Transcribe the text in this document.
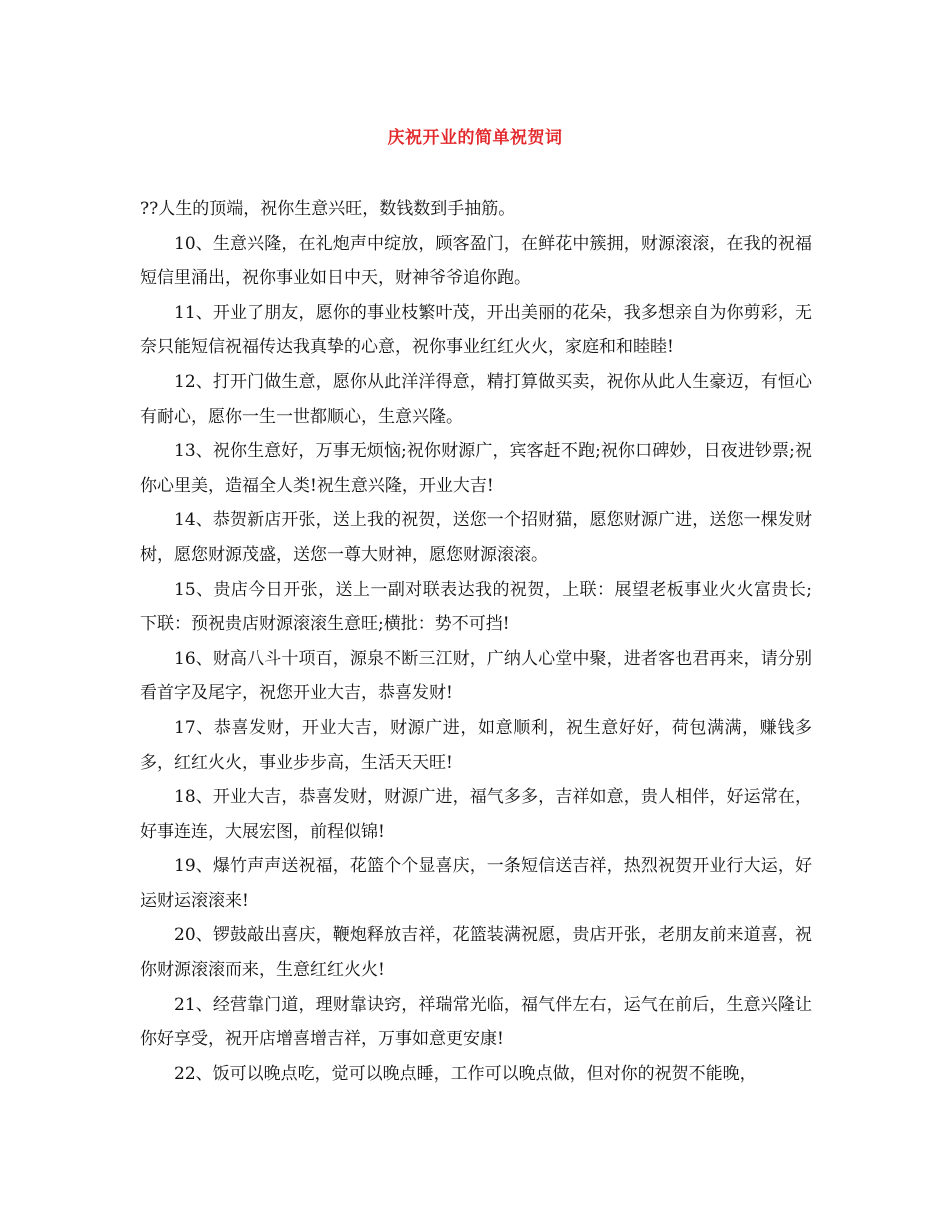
庆祝开业的简单祝贺词

??人生的顶端，祝你生意兴旺，数钱数到手抽筋。

10、生意兴隆，在礼炮声中绽放，顾客盈门，在鲜花中簇拥，财源滚滚，在我的祝福短信里涌出，祝你事业如日中天，财神爷爷追你跑。

11、开业了朋友，愿你的事业枝繁叶茂，开出美丽的花朵，我多想亲自为你剪彩，无奈只能短信祝福传达我真挚的心意，祝你事业红红火火，家庭和和睦睦!

12、打开门做生意，愿你从此洋洋得意，精打算做买卖，祝你从此人生豪迈，有恒心有耐心，愿你一生一世都顺心，生意兴隆。

13、祝你生意好，万事无烦恼;祝你财源广，宾客赶不跑;祝你口碑妙，日夜进钞票;祝你心里美，造福全人类!祝生意兴隆，开业大吉!

14、恭贺新店开张，送上我的祝贺，送您一个招财猫，愿您财源广进，送您一棵发财树，愿您财源茂盛，送您一尊大财神，愿您财源滚滚。

15、贵店今日开张，送上一副对联表达我的祝贺，上联：展望老板事业火火富贵长;下联：预祝贵店财源滚滚生意旺;横批：势不可挡!

16、财高八斗十项百，源泉不断三江财，广纳人心堂中聚，进者客也君再来，请分别看首字及尾字，祝您开业大吉，恭喜发财!

17、恭喜发财，开业大吉，财源广进，如意顺利，祝生意好好，荷包满满，赚钱多多，红红火火，事业步步高，生活天天旺!

18、开业大吉，恭喜发财，财源广进，福气多多，吉祥如意，贵人相伴，好运常在，好事连连，大展宏图，前程似锦!

19、爆竹声声送祝福，花篮个个显喜庆，一条短信送吉祥，热烈祝贺开业行大运，好运财运滚滚来!

20、锣鼓敲出喜庆，鞭炮释放吉祥，花篮装满祝愿，贵店开张，老朋友前来道喜，祝你财源滚滚而来，生意红红火火!

21、经营靠门道，理财靠诀窍，祥瑞常光临，福气伴左右，运气在前后，生意兴隆让你好享受，祝开店增喜增吉祥，万事如意更安康!

22、饭可以晚点吃，觉可以晚点睡，工作可以晚点做，但对你的祝贺不能晚，
